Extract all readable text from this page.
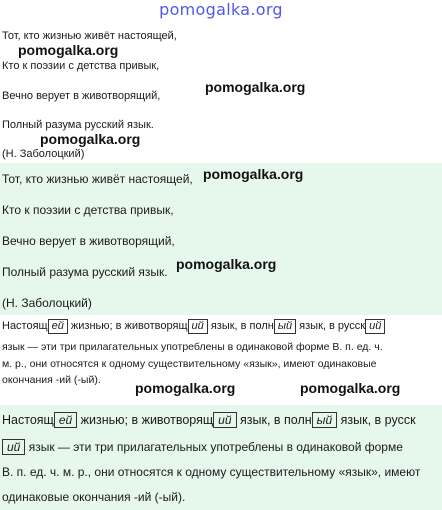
pomogalka.org
Тот, кто жизнью живёт настоящей,
Кто к поэзии с детства привык,
Вечно верует в животворящий,
Полный разума русский язык.
(Н. Заболоцкий)
Тот, кто жизнью живёт настоящей,
Кто к поэзии с детства привык,
Вечно верует в животворящий,
Полный разума русский язык.
(Н. Заболоцкий)
Настоящ ей жизнью; в животворящ ий язык, в полн ый язык, в русск ий
язык — эти три прилагательных употреблены в одинаковой форме В. п. ед. ч.
м. р., они относятся к одному существительному «язык», имеют одинаковые
окончания -ий (-ый).
Настоящ ей жизнью; в животворящ ий язык, в полн ый язык, в русск
ий язык — эти три прилагательных употреблены в одинаковой форме
В. п. ед. ч. м. р., они относятся к одному существительному «язык», имеют
одинаковые окончания -ий (-ый).
pomogalka.org
pomogalka.org
pomogalka.org
pomogalka.org
pomogalka.org
pomogalka.org	pomogalka.org
